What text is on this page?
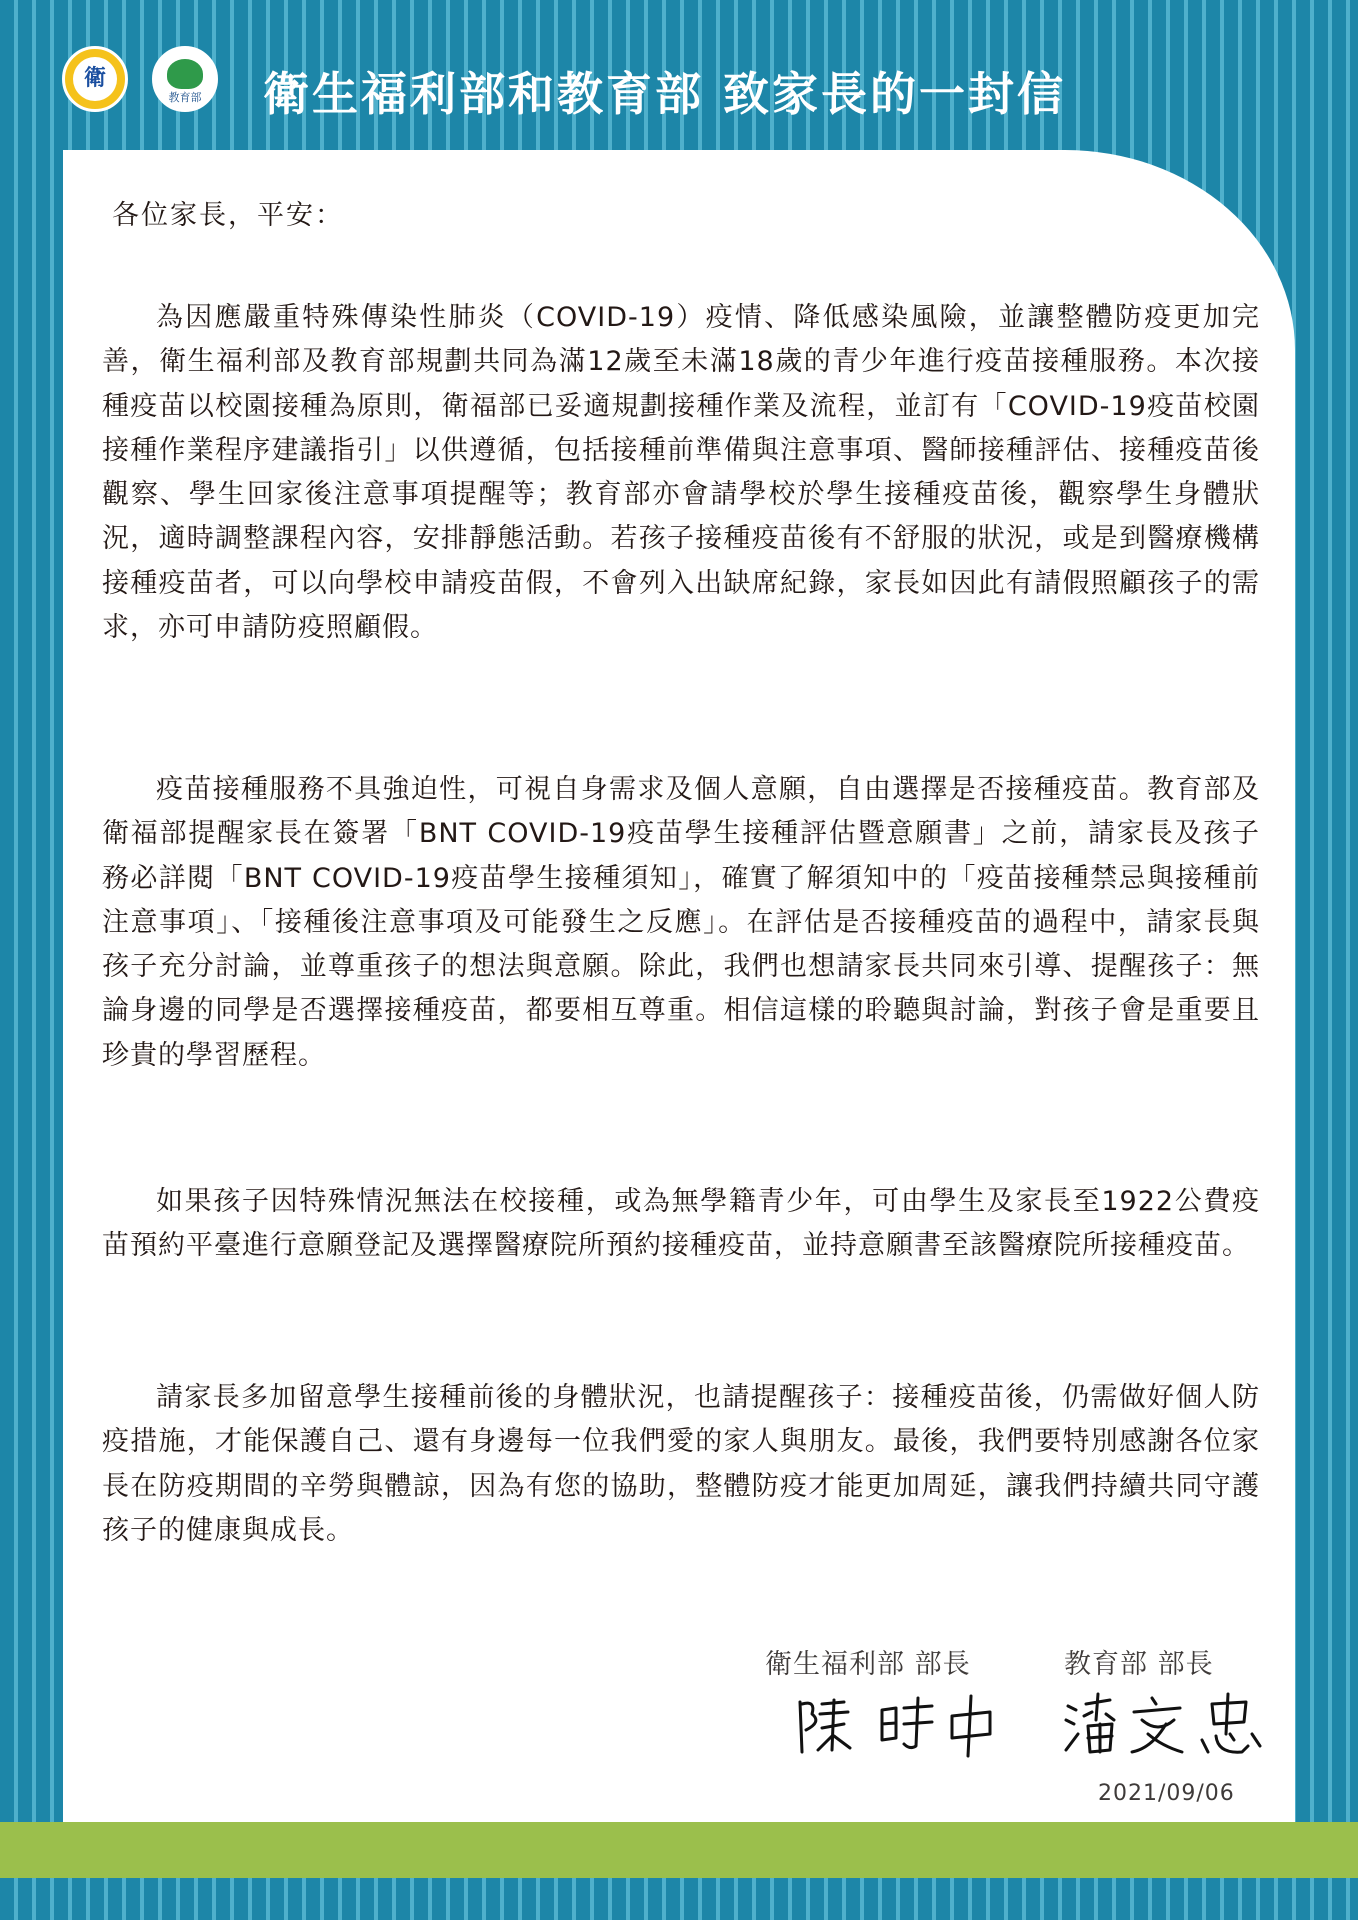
衛
教育部 衛生福利部和教育部 致家長的一封信
各位家長，平安：
為因應嚴重特殊傳染性肺炎（COVID-19）疫情、降低感染風險，並讓整體防疫更加完善，衛生福利部及教育部規劃共同為滿12歲至未滿18歲的青少年進行疫苗接種服務。本次接種疫苗以校園接種為原則，衛福部已妥適規劃接種作業及流程，並訂有「COVID-19疫苗校園接種作業程序建議指引」以供遵循，包括接種前準備與注意事項、醫師接種評估、接種疫苗後觀察、學生回家後注意事項提醒等；教育部亦會請學校於學生接種疫苗後，觀察學生身體狀況，適時調整課程內容，安排靜態活動。若孩子接種疫苗後有不舒服的狀況，或是到醫療機構接種疫苗者，可以向學校申請疫苗假，不會列入出缺席紀錄，家長如因此有請假照顧孩子的需求，亦可申請防疫照顧假。
疫苗接種服務不具強迫性，可視自身需求及個人意願，自由選擇是否接種疫苗。教育部及衛福部提醒家長在簽署「BNT COVID-19疫苗學生接種評估暨意願書」之前，請家長及孩子務必詳閱「BNT COVID-19疫苗學生接種須知」，確實了解須知中的「疫苗接種禁忌與接種前注意事項」、「接種後注意事項及可能發生之反應」。在評估是否接種疫苗的過程中，請家長與孩子充分討論，並尊重孩子的想法與意願。除此，我們也想請家長共同來引導、提醒孩子：無論身邊的同學是否選擇接種疫苗，都要相互尊重。相信這樣的聆聽與討論，對孩子會是重要且珍貴的學習歷程。
如果孩子因特殊情況無法在校接種，或為無學籍青少年，可由學生及家長至1922公費疫苗預約平臺進行意願登記及選擇醫療院所預約接種疫苗，並持意願書至該醫療院所接種疫苗。
請家長多加留意學生接種前後的身體狀況，也請提醒孩子：接種疫苗後，仍需做好個人防疫措施，才能保護自己、還有身邊每一位我們愛的家人與朋友。最後，我們要特別感謝各位家長在防疫期間的辛勞與體諒，因為有您的協助，整體防疫才能更加周延，讓我們持續共同守護孩子的健康與成長。
衛生福利部 部長	教育部 部長
2021/09/06
